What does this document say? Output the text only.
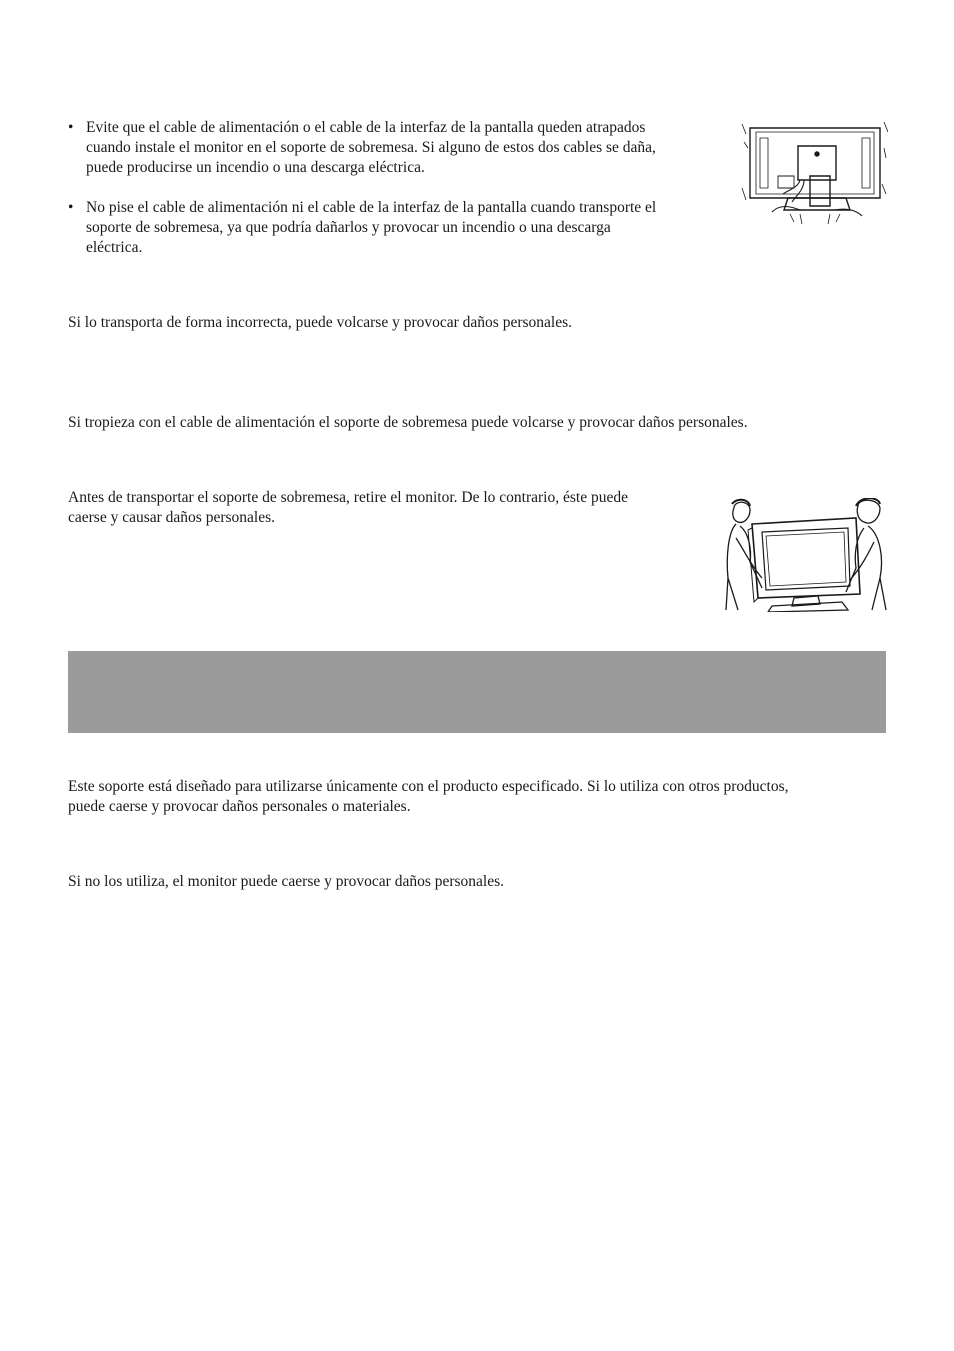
• Evite que el cable de alimentación o el cable de la interfaz de la pantalla queden atrapados cuando instale el monitor en el soporte de sobremesa. Si alguno de estos dos cables se daña, puede producirse un incendio o una descarga eléctrica.
• No pise el cable de alimentación ni el cable de la interfaz de la pantalla cuando transporte el soporte de sobremesa, ya que podría dañarlos y provocar un incendio o una descarga eléctrica.

Si lo transporta de forma incorrecta, puede volcarse y provocar daños personales.

Si tropieza con el cable de alimentación el soporte de sobremesa puede volcarse y provocar daños personales.

Antes de transportar el soporte de sobremesa, retire el monitor. De lo contrario, éste puede caerse y causar daños personales.

Este soporte está diseñado para utilizarse únicamente con el producto especificado. Si lo utiliza con otros productos, puede caerse y provocar daños personales o materiales.

Si no los utiliza, el monitor puede caerse y provocar daños personales.
